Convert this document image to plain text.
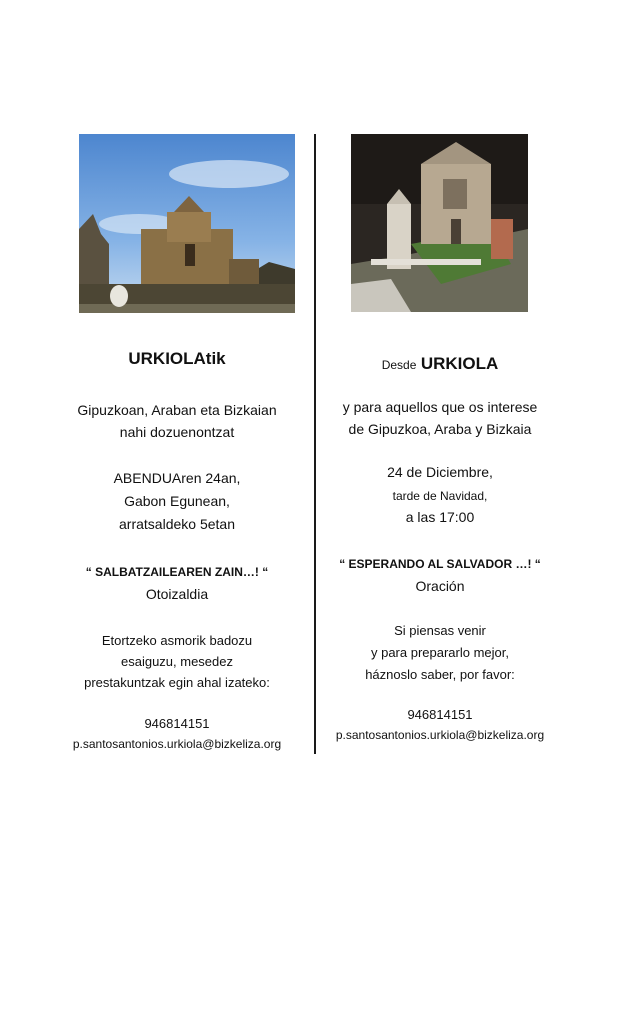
URKIOLAtik
Gipuzkoan, Araban eta Bizkaian
nahi dozuenontzat
ABENDUAren 24an,
Gabon Egunean,
arratsaldeko 5etan
“ SALBATZAILEAREN ZAIN…! “
Otoizaldia
Etortzeko asmorik badozu
esaiguzu, mesedez
prestakuntzak egin ahal izateko:
946814151
p.santosantonios.urkiola@bizkeliza.org
Desde URKIOLA
y para aquellos que os interese
de Gipuzkoa, Araba y Bizkaia
24 de Diciembre,
tarde de Navidad,
a las 17:00
“ ESPERANDO AL SALVADOR …! “
Oración
Si piensas venir
y para prepararlo mejor,
háznoslo saber, por favor:
946814151
p.santosantonios.urkiola@bizkeliza.org
